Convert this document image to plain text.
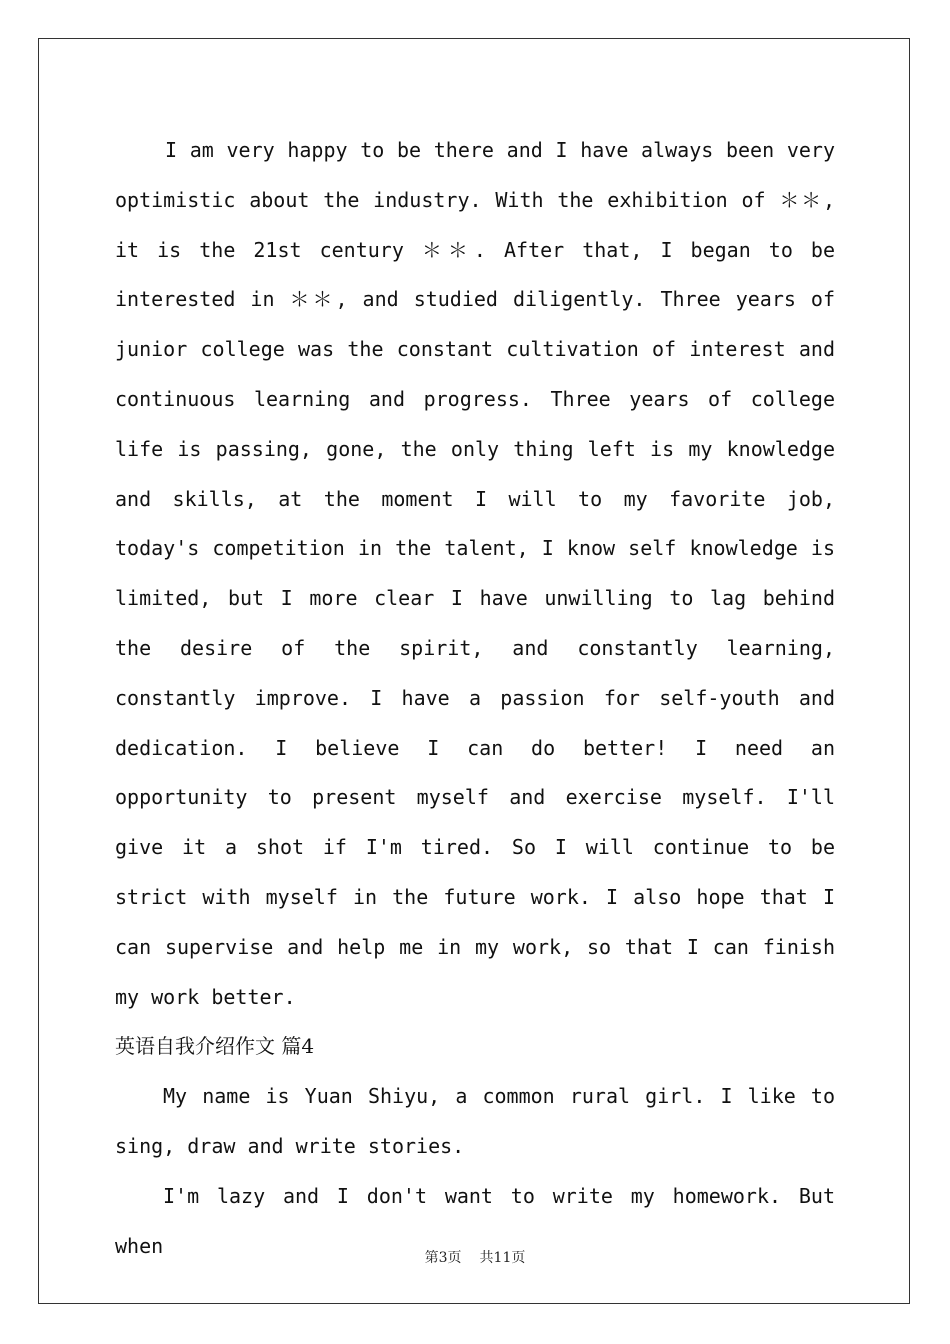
I am very happy to be there and I have always been very optimistic about the industry. With the exhibition of ＊＊, it is the 21st century ＊＊. After that, I began to be interested in ＊＊, and studied diligently. Three years of junior college was the constant cultivation of interest and continuous learning and progress. Three years of college life is passing, gone, the only thing left is my knowledge and skills, at the moment I will to my favorite job, today's competition in the talent, I know self knowledge is limited, but I more clear I have unwilling to lag behind the desire of the spirit, and constantly learning, constantly improve. I have a passion for self-youth and dedication. I believe I can do better! I need an opportunity to present myself and exercise myself. I'll give it a shot if I'm tired. So I will continue to be strict with myself in the future work. I also hope that I can supervise and help me in my work, so that I can finish my work better.

英语自我介绍作文 篇4

My name is Yuan Shiyu, a common rural girl. I like to sing, draw and write stories.

I'm lazy and I don't want to write my homework. But when

第3页 共11页
